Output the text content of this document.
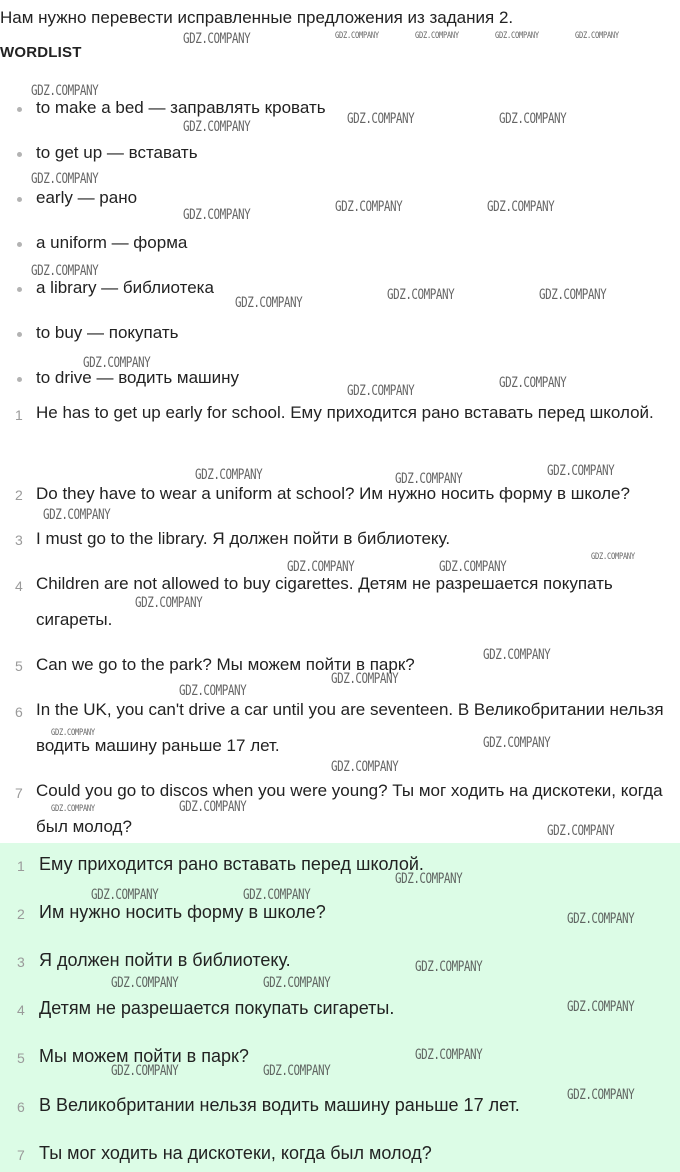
Нам нужно перевести исправленные предложения из задания 2.
WORDLIST
to make a bed — заправлять кровать
to get up — вставать
early — рано
a uniform — форма
a library — библиотека
to buy — покупать
to drive — водить машину
1 He has to get up early for school. Ему приходится рано вставать перед школой.
2 Do they have to wear a uniform at school? Им нужно носить форму в школе?
3 I must go to the library. Я должен пойти в библиотеку.
4 Children are not allowed to buy cigarettes. Детям не разрешается покупать сигареты.
5 Can we go to the park? Мы можем пойти в парк?
6 In the UK, you can't drive a car until you are seventeen. В Великобритании нельзя водить машину раньше 17 лет.
7 Could you go to discos when you were young? Ты мог ходить на дискотеки, когда был молод?
1 Ему приходится рано вставать перед школой.
2 Им нужно носить форму в школе?
3 Я должен пойти в библиотеку.
4 Детям не разрешается покупать сигареты.
5 Мы можем пойти в парк?
6 В Великобритании нельзя водить машину раньше 17 лет.
7 Ты мог ходить на дискотеки, когда был молод?
GDZ.COMPANY	GDZ.COMPANY	GDZ.COMPANY	GDZ.COMPANY	GDZ.COMPANY
GDZ.COMPANY
GDZ.COMPANY	GDZ.COMPANY	GDZ.COMPANY
GDZ.COMPANY
GDZ.COMPANY	GDZ.COMPANY	GDZ.COMPANY
GDZ.COMPANY
GDZ.COMPANY	GDZ.COMPANY	GDZ.COMPANY
GDZ.COMPANY
GDZ.COMPANY	GDZ.COMPANY
GDZ.COMPANY	GDZ.COMPANY	GDZ.COMPANY
GDZ.COMPANY
GDZ.COMPANY	GDZ.COMPANY
GDZ.COMPANY
GDZ.COMPANY
GDZ.COMPANY
GDZ.COMPANY
GDZ.COMPANY
GDZ.COMPANY
GDZ.COMPANY
GDZ.COMPANY
GDZ.COMPANY
GDZ.COMPANY
GDZ.COMPANY
GDZ.COMPANY
GDZ.COMPANY	GDZ.COMPANY
GDZ.COMPANY
GDZ.COMPANY
GDZ.COMPANY	GDZ.COMPANY
GDZ.COMPANY
GDZ.COMPANY
GDZ.COMPANY	GDZ.COMPANY
GDZ.COMPANY
